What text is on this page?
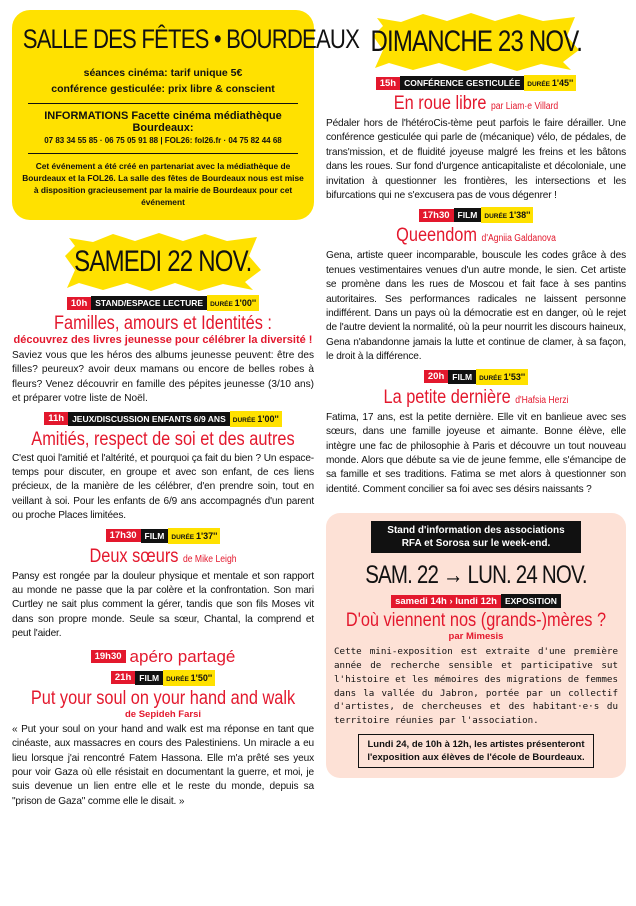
SALLE DES FÊTES • BOURDEAUX
séances cinéma: tarif unique 5€
conférence gesticulée: prix libre & conscient
INFORMATIONS Facette cinéma médiathèque Bourdeaux:
07 83 34 55 85 · 06 75 05 91 88 | FOL26: fol26.fr · 04 75 82 44 68
Cet événement a été créé en partenariat avec la médiathèque de Bourdeaux et la FOL26. La salle des fêtes de Bourdeaux nous est mise à disposition gracieusement par la mairie de Bourdeaux pour cet événement
SAMEDI 22 NOV.
10h STAND/ESPACE LECTURE	DURÉE 1'00''
Familles, amours et Identités :
découvrez des livres jeunesse pour célébrer la diversité !

Saviez vous que les héros des albums jeunesse peuvent: être des filles? peureux? avoir deux mamans ou encore de belles robes à fleurs? Venez découvrir en famille des pépites jeunesse (3/10 ans) et préparer votre liste de Noël.

11h JEUX/DISCUSSION ENFANTS 6/9 ANS	DURÉE 1'00''
Amitiés, respect de soi et des autres

C'est quoi l'amitié et l'altérité, et pourquoi ça fait du bien ? Un espace-temps pour discuter, en groupe et avec son enfant, de ces liens précieux, de la manière de les célébrer, d'en prendre soin, tout en veillant à soi. Pour les enfants de 6/9 ans accompagnés d'un parent ou proche Places limitées.

17h30 FILM	DURÉE 1'37''
Deux sœurs de Mike Leigh

Pansy est rongée par la douleur physique et mentale et son rapport au monde ne passe que la par colère et la confrontation. Son mari Curtley ne sait plus comment la gérer, tandis que son fils Moses vit dans son propre monde. Seule sa sœur, Chantal, la comprend et peut l'aider.

19h30 apéro partagé
21h FILM	DURÉE 1'50''
Put your soul on your hand and walk
de Sepideh Farsi

« Put your soul on your hand and walk est ma réponse en tant que cinéaste, aux massacres en cours des Palestiniens. Un miracle a eu lieu lorsque j'ai rencontré Fatem Hassona. Elle m'a prêté ses yeux pour voir Gaza où elle résistait en documentant la guerre, et moi, je suis devenue un lien entre elle et le reste du monde, depuis sa "prison de Gaza" comme elle le disait. »

DIMANCHE 23 NOV.
15h CONFÉRENCE GESTICULÉE	DURÉE 1'45''
En roue libre par Liam·e Villard

Pédaler hors de l'hétéroCis-tème peut parfois le faire dérailler. Une conférence gesticulée qui parle de (mécanique) vélo, de pédales, de trans'mission, et de fluidité joyeuse malgré les freins et les bâtons dans les roues. Sur fond d'urgence anticapitaliste et décoloniale, une invitation à questionner les frontières, les intersections et les bifurcations qui ne s'excusera pas de vous dégenrer !

17h30 FILM	DURÉE 1'38''
Queendom d'Agniia Galdanova

Gena, artiste queer incomparable, bouscule les codes grâce à des tenues vestimentaires venues d'un autre monde, le sien. Cet artiste se promène dans les rues de Moscou et fait face à ses pantins autoritaires. Ses performances radicales ne laissent personne indifférent. Dans un pays où la démocratie est en danger, où le rejet de l'autre devient la normalité, où la peur nourrit les discours haineux, Gena n'abandonne jamais la lutte et continue de clamer, à sa façon, le droit à la différence.

20h FILM	DURÉE 1'53''
La petite dernière d'Hafsia Herzi

Fatima, 17 ans, est la petite dernière. Elle vit en banlieue avec ses sœurs, dans une famille joyeuse et aimante. Bonne élève, elle intègre une fac de philosophie à Paris et découvre un tout nouveau monde. Alors que débute sa vie de jeune femme, elle s'émancipe de sa famille et ses traditions. Fatima se met alors à questionner son identité. Comment concilier sa foi avec ses désirs naissants ?

Stand d'information des associations RFA et Sorosa sur le week-end.
SAM. 22 → LUN. 24 NOV.
samedi 14h › lundi 12h EXPOSITION
D'où viennent nos (grands-)mères ?
par Mimesis

Cette mini-exposition est extraite d'une première année de recherche sensible et participative sut l'histoire et les mémoires des migrations de femmes dans la vallée du Jabron, portée par un collectif d'artistes, de chercheuses et des habitant·e·s du territoire réunies par l'association.

Lundi 24, de 10h à 12h, les artistes présenteront l'exposition aux élèves de l'école de Bourdeaux.
